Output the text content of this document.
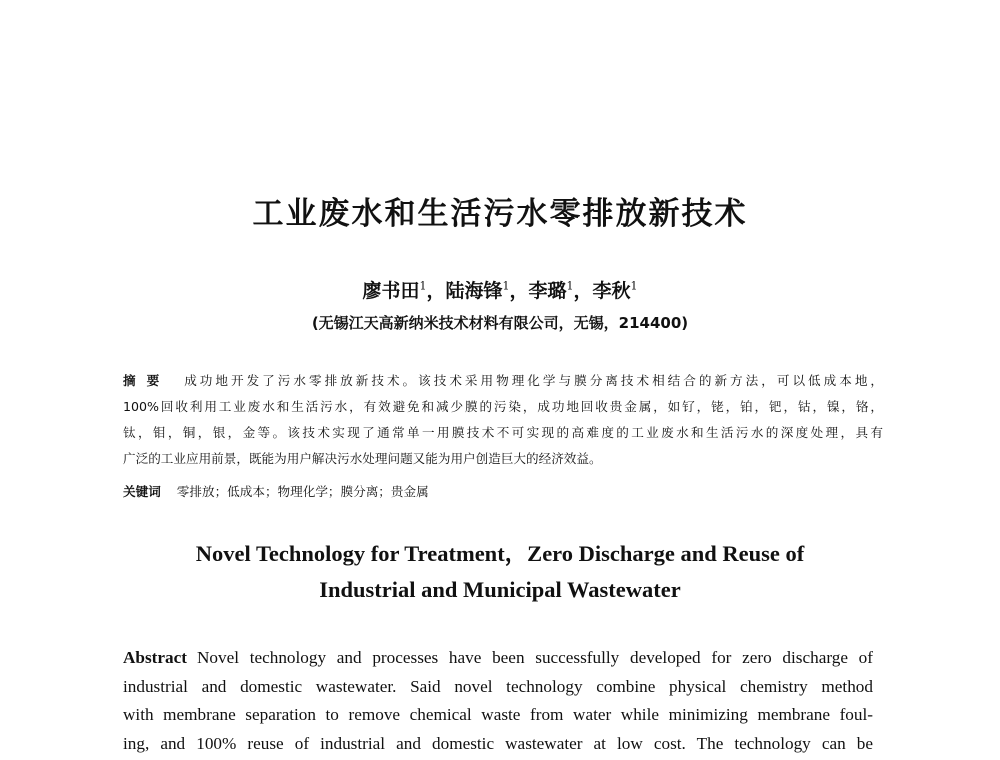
工业废水和生活污水零排放新技术
廖书田$^1$，陆海锋$^1$，李璐$^1$，李秋$^1$
(无锡江天高新纳米技术材料有限公司，无锡，214400)
摘要 成功地开发了污水零排放新技术。该技术采用物理化学与膜分离技术相结合的新方法，可以低成本地，
100%回收利用工业废水和生活污水，有效避免和减少膜的污染，成功地回收贵金属，如钌，铑，铂，钯，钴，镍，铬，
钛，钼，铜，银，金等。该技术实现了通常单一用膜技术不可实现的高难度的工业废水和生活污水的深度处理，具有
广泛的工业应用前景，既能为用户解决污水处理问题又能为用户创造巨大的经济效益。
关键词 零排放；低成本；物理化学；膜分离；贵金属
Novel Technology for Treatment，Zero Discharge and Reuse of
Industrial and Municipal Wastewater
Abstract Novel technology and processes have been successfully developed for zero discharge of
industrial and domestic wastewater. Said novel technology combine physical chemistry method
with membrane separation to remove chemical waste from water while minimizing membrane foul-
ing, and 100% reuse of industrial and domestic wastewater at low cost. The technology can be
